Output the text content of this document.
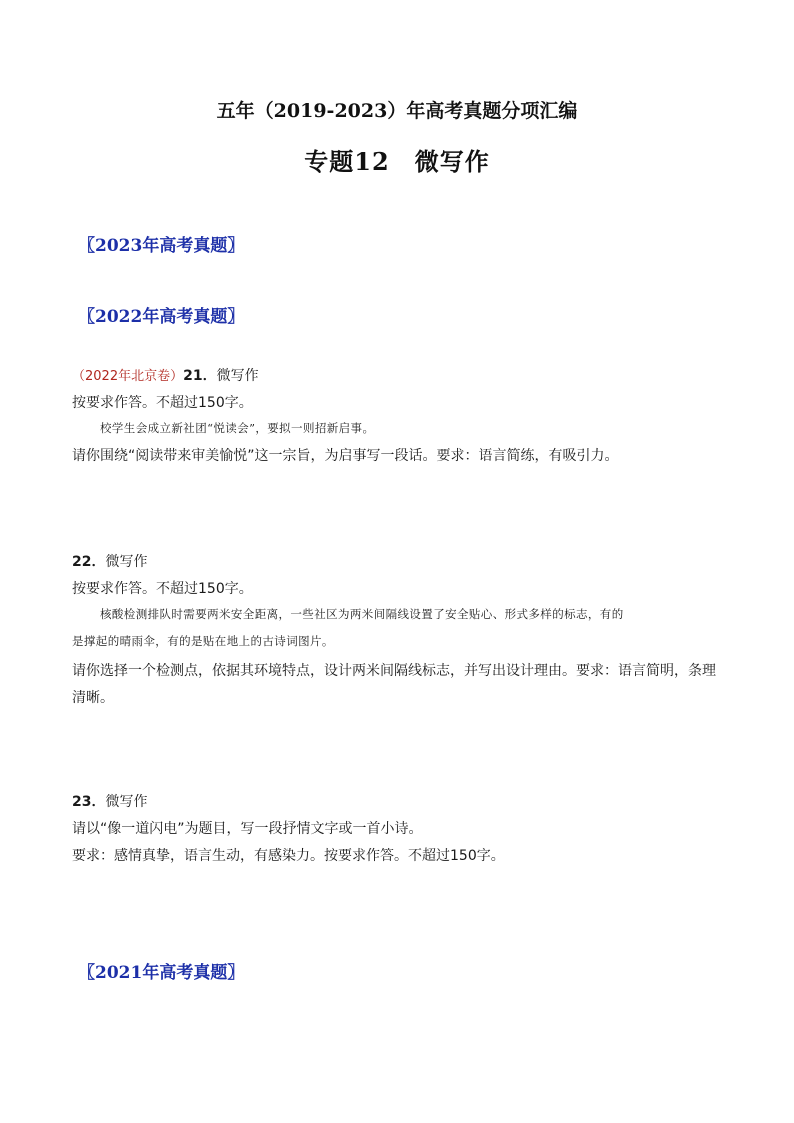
五年（2019-2023）年高考真题分项汇编
专题12　微写作
〖2023年高考真题〗
〖2022年高考真题〗
（2022年北京卷）21．微写作
按要求作答。不超过150字。
校学生会成立新社团“悦读会”，要拟一则招新启事。
请你围绕“阅读带来审美愉悦”这一宗旨，为启事写一段话。要求：语言简练，有吸引力。
22．微写作
按要求作答。不超过150字。
核酸检测排队时需要两米安全距离，一些社区为两米间隔线设置了安全贴心、形式多样的标志，有的
是撑起的晴雨伞，有的是贴在地上的古诗词图片。
请你选择一个检测点，依据其环境特点，设计两米间隔线标志，并写出设计理由。要求：语言简明，条理
清晰。
23．微写作
请以“像一道闪电”为题目，写一段抒情文字或一首小诗。
要求：感情真挚，语言生动，有感染力。按要求作答。不超过150字。
〖2021年高考真题〗
